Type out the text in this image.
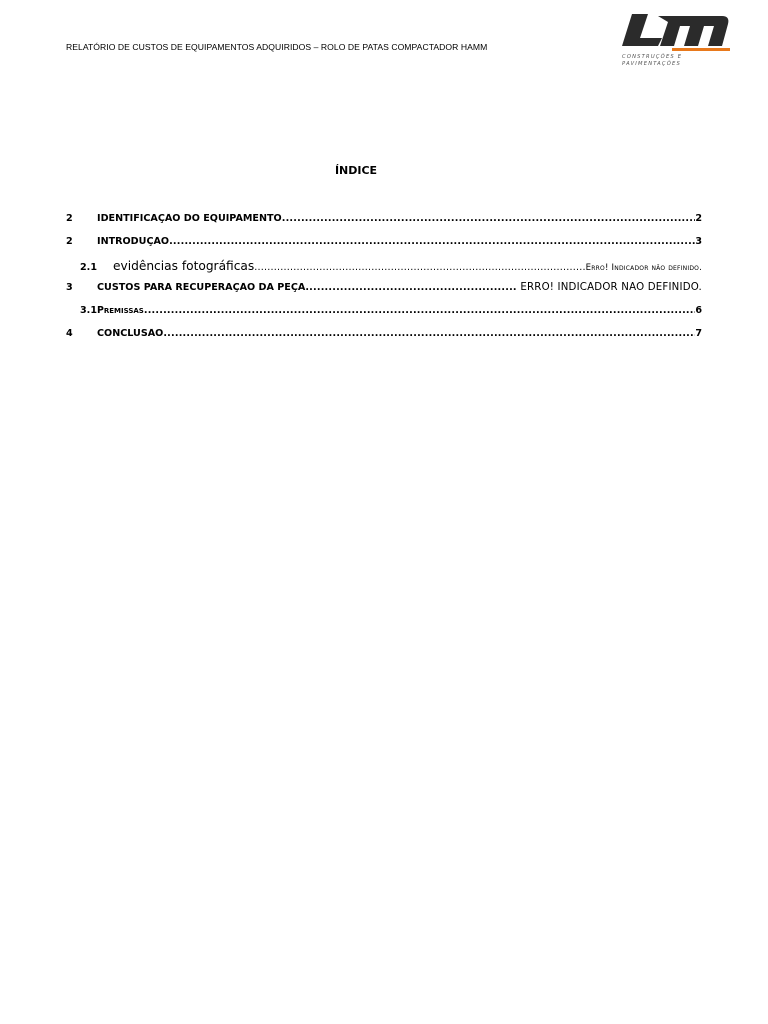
RELATÓRIO DE CUSTOS DE EQUIPAMENTOS ADQUIRIDOS – ROLO DE PATAS COMPACTADOR HAMM
CONSTRUÇÕES E
PAVIMENTAÇÕES
ÍNDICE
2	IDENTIFICAÇÃO DO EQUIPAMENTO .....	2
2	INTRODUÇÃO .....	3
2.1	evidências fotográficas .....	Erro! Indicador não definido.
3	CUSTOS PARA RECUPERAÇÃO DA PEÇA .....	ERRO! INDICADOR NÃO DEFINIDO.
3.1 Premissas .....	6
4	CONCLUSÃO .....	7
